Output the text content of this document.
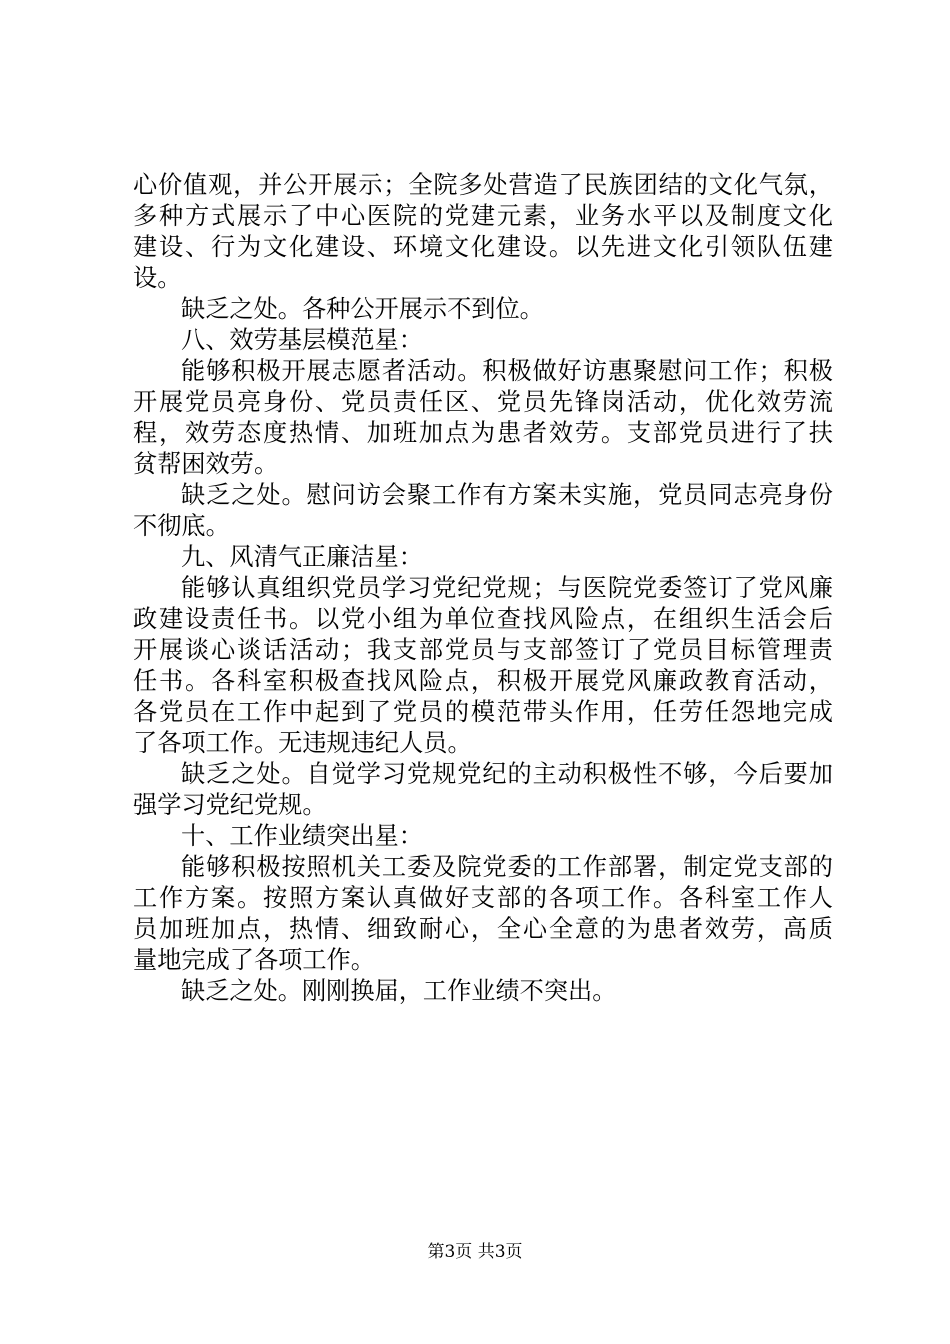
心价值观，并公开展示；全院多处营造了民族团结的文化气氛，
多种方式展示了中心医院的党建元素，业务水平以及制度文化
建设、行为文化建设、环境文化建设。以先进文化引领队伍建
设。
缺乏之处。各种公开展示不到位。
八、效劳基层模范星：
能够积极开展志愿者活动。积极做好访惠聚慰问工作；积极
开展党员亮身份、党员责任区、党员先锋岗活动，优化效劳流
程，效劳态度热情、加班加点为患者效劳。支部党员进行了扶
贫帮困效劳。
缺乏之处。慰问访会聚工作有方案未实施，党员同志亮身份
不彻底。
九、风清气正廉洁星：
能够认真组织党员学习党纪党规；与医院党委签订了党风廉
政建设责任书。以党小组为单位查找风险点，在组织生活会后
开展谈心谈话活动；我支部党员与支部签订了党员目标管理责
任书。各科室积极查找风险点，积极开展党风廉政教育活动，
各党员在工作中起到了党员的模范带头作用，任劳任怨地完成
了各项工作。无违规违纪人员。
缺乏之处。自觉学习党规党纪的主动积极性不够，今后要加
强学习党纪党规。
十、工作业绩突出星：
能够积极按照机关工委及院党委的工作部署，制定党支部的
工作方案。按照方案认真做好支部的各项工作。各科室工作人
员加班加点，热情、细致耐心，全心全意的为患者效劳，高质
量地完成了各项工作。
缺乏之处。刚刚换届，工作业绩不突出。
第3页 共3页
